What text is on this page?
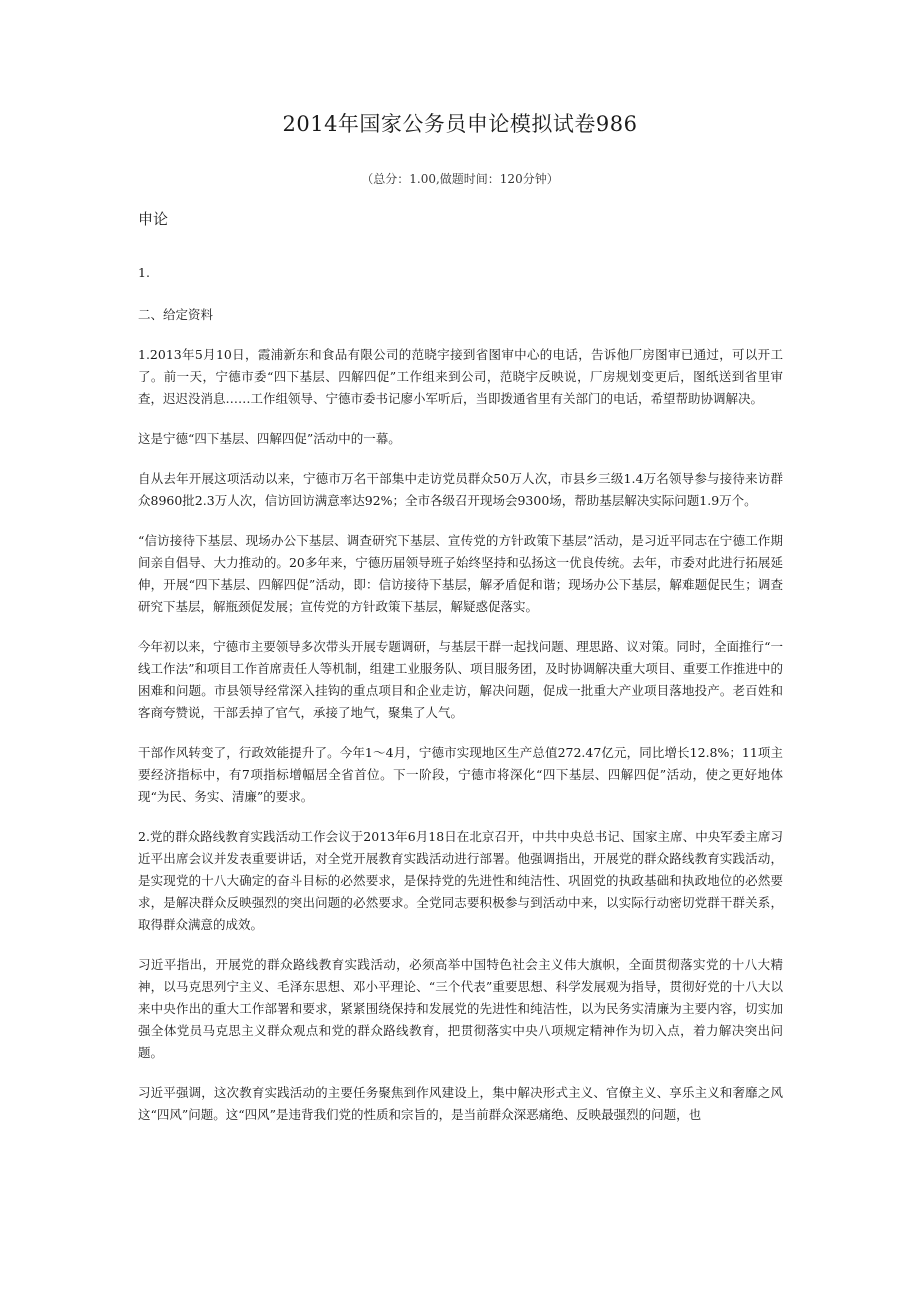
2014年国家公务员申论模拟试卷986
（总分：1.00,做题时间：120分钟）
申论

1.

二、给定资料

1.2013年5月10日，霞浦新东和食品有限公司的范晓宇接到省图审中心的电话，告诉他厂房图审已通过，可以开工了。前一天，宁德市委“四下基层、四解四促”工作组来到公司，范晓宇反映说，厂房规划变更后，图纸送到省里审查，迟迟没消息……工作组领导、宁德市委书记廖小军听后，当即拨通省里有关部门的电话，希望帮助协调解决。

这是宁德“四下基层、四解四促”活动中的一幕。

自从去年开展这项活动以来，宁德市万名干部集中走访党员群众50万人次，市县乡三级1.4万名领导参与接待来访群众8960批2.3万人次，信访回访满意率达92%；全市各级召开现场会9300场，帮助基层解决实际问题1.9万个。

“信访接待下基层、现场办公下基层、调查研究下基层、宣传党的方针政策下基层”活动，是习近平同志在宁德工作期间亲自倡导、大力推动的。20多年来，宁德历届领导班子始终坚持和弘扬这一优良传统。去年，市委对此进行拓展延伸，开展“四下基层、四解四促”活动，即：信访接待下基层，解矛盾促和谐；现场办公下基层，解难题促民生；调查研究下基层，解瓶颈促发展；宣传党的方针政策下基层，解疑惑促落实。

今年初以来，宁德市主要领导多次带头开展专题调研，与基层干群一起找问题、理思路、议对策。同时，全面推行“一线工作法”和项目工作首席责任人等机制，组建工业服务队、项目服务团，及时协调解决重大项目、重要工作推进中的困难和问题。市县领导经常深入挂钩的重点项目和企业走访，解决问题，促成一批重大产业项目落地投产。老百姓和客商夸赞说，干部丢掉了官气，承接了地气，聚集了人气。

干部作风转变了，行政效能提升了。今年1～4月，宁德市实现地区生产总值272.47亿元，同比增长12.8%；11项主要经济指标中，有7项指标增幅居全省首位。下一阶段，宁德市将深化“四下基层、四解四促”活动，使之更好地体现“为民、务实、清廉”的要求。

2.党的群众路线教育实践活动工作会议于2013年6月18日在北京召开，中共中央总书记、国家主席、中央军委主席习近平出席会议并发表重要讲话，对全党开展教育实践活动进行部署。他强调指出，开展党的群众路线教育实践活动，是实现党的十八大确定的奋斗目标的必然要求，是保持党的先进性和纯洁性、巩固党的执政基础和执政地位的必然要求，是解决群众反映强烈的突出问题的必然要求。全党同志要积极参与到活动中来，以实际行动密切党群干群关系，取得群众满意的成效。

习近平指出，开展党的群众路线教育实践活动，必须高举中国特色社会主义伟大旗帜，全面贯彻落实党的十八大精神，以马克思列宁主义、毛泽东思想、邓小平理论、“三个代表”重要思想、科学发展观为指导，贯彻好党的十八大以来中央作出的重大工作部署和要求，紧紧围绕保持和发展党的先进性和纯洁性，以为民务实清廉为主要内容，切实加强全体党员马克思主义群众观点和党的群众路线教育，把贯彻落实中央八项规定精神作为切入点，着力解决突出问题。

习近平强调，这次教育实践活动的主要任务聚焦到作风建设上，集中解决形式主义、官僚主义、享乐主义和奢靡之风这“四风”问题。这“四风”是违背我们党的性质和宗旨的，是当前群众深恶痛绝、反映最强烈的问题，也
